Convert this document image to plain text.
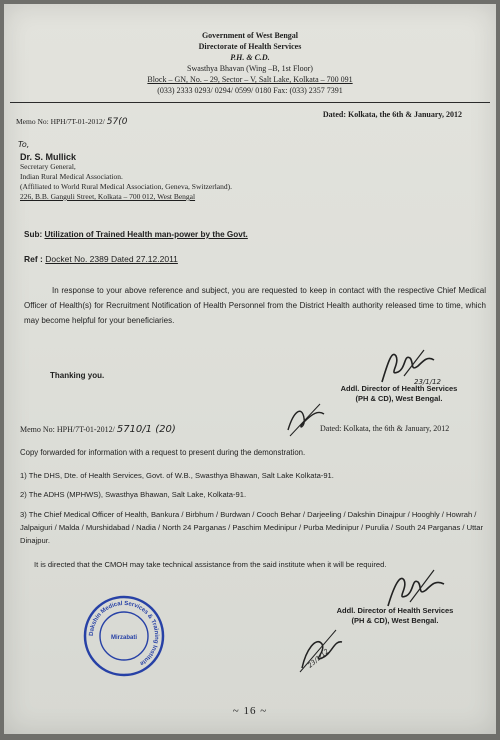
Government of West Bengal
Directorate of Health Services
P.H. & C.D.
Swasthya Bhavan (Wing –B, 1st Floor)
Block – GN, No. – 29, Sector – V, Salt Lake, Kolkata – 700 091
(033) 2333 0293/ 0294/ 0599/ 0180 Fax: (033) 2357 7391
Memo No: HPH/7T-01-2012/ 57(0
Dated: Kolkata, the 6th & January, 2012
To,
Dr. S. Mullick
Secretary General,
Indian Rural Medical Association.
(Affiliated to World Rural Medical Association, Geneva, Switzerland).
226, B.B. Ganguli Street, Kolkata – 700 012, West Bengal
Sub: Utilization of Trained Health man-power by the Govt.
Ref : Docket No. 2389 Dated 27.12.2011
In response to your above reference and subject, you are requested to keep in contact with the respective Chief Medical Officer of Health(s) for Recruitment Notification of Health Personnel from the District Health authority released time to time, which may become helpful for your beneficiaries.
Thanking you.
23/1/12
Addl. Director of Health Services
(PH & CD), West Bengal.
Memo No: HPH/7T-01-2012/ 5710/1 (20)	Dated: Kolkata, the 6th & January, 2012
Copy forwarded for information with a request to present during the demonstration.
1) The DHS, Dte. of Health Services, Govt. of W.B., Swasthya Bhawan, Salt Lake Kolkata-91.
2) The ADHS (MPHWS), Swasthya Bhawan, Salt Lake, Kolkata-91.
3) The Chief Medical Officer of Health, Bankura / Birbhum / Burdwan / Cooch Behar / Darjeeling / Dakshin Dinajpur / Hooghly / Howrah / Jalpaiguri / Malda / Murshidabad / Nadia / North 24 Parganas / Paschim Medinipur / Purba Medinipur / Purulia / South 24 Parganas / Uttar Dinajpur.
It is directed that the CMOH may take technical assistance from the said institute when it will be required.
Addl. Director of Health Services
(PH & CD), West Bengal.
23/1/12
Dakshin Medical Services & Training Institute
Mirzabati
~ 16 ~
